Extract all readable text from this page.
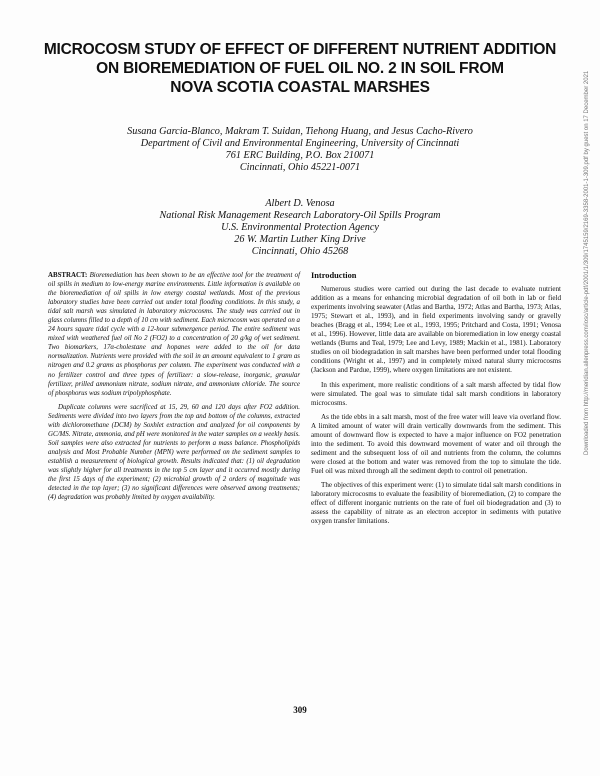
MICROCOSM STUDY OF EFFECT OF DIFFERENT NUTRIENT ADDITION
ON BIOREMEDIATION OF FUEL OIL NO. 2 IN SOIL FROM
NOVA SCOTIA COASTAL MARSHES
Susana Garcia-Blanco, Makram T. Suidan, Tiehong Huang, and Jesus Cacho-Rivero
Department of Civil and Environmental Engineering, University of Cincinnati
761 ERC Building, P.O. Box 210071
Cincinnati, Ohio 45221-0071
Albert D. Venosa
National Risk Management Research Laboratory-Oil Spills Program
U.S. Environmental Protection Agency
26 W. Martin Luther King Drive
Cincinnati, Ohio 45268	Downloaded from http://meridian.allenpress.com/iosc/article-pdf/2001/1/309/1745159/2169-3358-2001-1-309.pdf by guest on 17 December 2021

ABSTRACT: Bioremediation has been shown to be an effective tool for the treatment of oil spills in medium to low-energy marine environments. Little information is available on the bioremediation of oil spills in low energy coastal wetlands. Most of the previous laboratory studies have been carried out under total flooding conditions. In this study, a tidal salt marsh was simulated in laboratory microcosms. The study was carried out in glass columns filled to a depth of 10 cm with sediment. Each microcosm was operated on a 24 hours square tidal cycle with a 12-hour submergence period. The entire sediment was mixed with weathered fuel oil No 2 (FO2) to a concentration of 20 g/kg of wet sediment. Two biomarkers, 17α-cholestane and hopanes were added to the oil for data normalization. Nutrients were provided with the soil in an amount equivalent to 1 gram as nitrogen and 0.2 grams as phosphorus per column. The experiment was conducted with a no fertilizer control and three types of fertilizer: a slow-release, inorganic, granular fertilizer, prilled ammonium nitrate, sodium nitrate, and ammonium chloride. The source of phosphorus was sodium tripolyphosphate.

Duplicate columns were sacrificed at 15, 29, 60 and 120 days after FO2 addition. Sediments were divided into two layers from the top and bottom of the columns, extracted with dichloromethane (DCM) by Soxhlet extraction and analyzed for oil components by GC/MS. Nitrate, ammonia, and pH were monitored in the water samples on a weekly basis. Soil samples were also extracted for nutrients to perform a mass balance. Phospholipids analysis and Most Probable Number (MPN) were performed on the sediment samples to establish a measurement of biological growth. Results indicated that: (1) oil degradation was slightly higher for all treatments in the top 5 cm layer and it occurred mostly during the first 15 days of the experiment; (2) microbial growth of 2 orders of magnitude was detected in the top layer; (3) no significant differences were observed among treatments; (4) degradation was probably limited by oxygen availability.

Introduction

Numerous studies were carried out during the last decade to evaluate nutrient addition as a means for enhancing microbial degradation of oil both in lab or field experiments involving seawater (Atlas and Bartha, 1972; Atlas and Bartha, 1973; Atlas, 1975; Stewart et al., 1993), and in field experiments involving sandy or gravelly beaches (Bragg et al., 1994; Lee et al., 1993, 1995; Pritchard and Costa, 1991; Venosa et al., 1996). However, little data are available on bioremediation in low energy coastal wetlands (Burns and Teal, 1979; Lee and Levy, 1989; Mackin et al., 1981). Laboratory studies on oil biodegradation in salt marshes have been performed under total flooding conditions (Wright et al., 1997) and in completely mixed natural slurry microcosms (Jackson and Pardue, 1999), where oxygen limitations are not existent.

In this experiment, more realistic conditions of a salt marsh affected by tidal flow were simulated. The goal was to simulate tidal salt marsh conditions in laboratory microcosms.

As the tide ebbs in a salt marsh, most of the free water will leave via overland flow. A limited amount of water will drain vertically downwards from the sediment. This amount of downward flow is expected to have a major influence on FO2 penetration into the sediment. To avoid this downward movement of water and oil through the sediment and the subsequent loss of oil and nutrients from the column, the columns were closed at the bottom and water was removed from the top to simulate the tide. Fuel oil was mixed through all the sediment depth to control oil penetration.

The objectives of this experiment were: (1) to simulate tidal salt marsh conditions in laboratory microcosms to evaluate the feasibility of bioremediation, (2) to compare the effect of different inorganic nutrients on the rate of fuel oil biodegradation and (3) to assess the capability of nitrate as an electron acceptor in sediments with putative oxygen transfer limitations.

309
